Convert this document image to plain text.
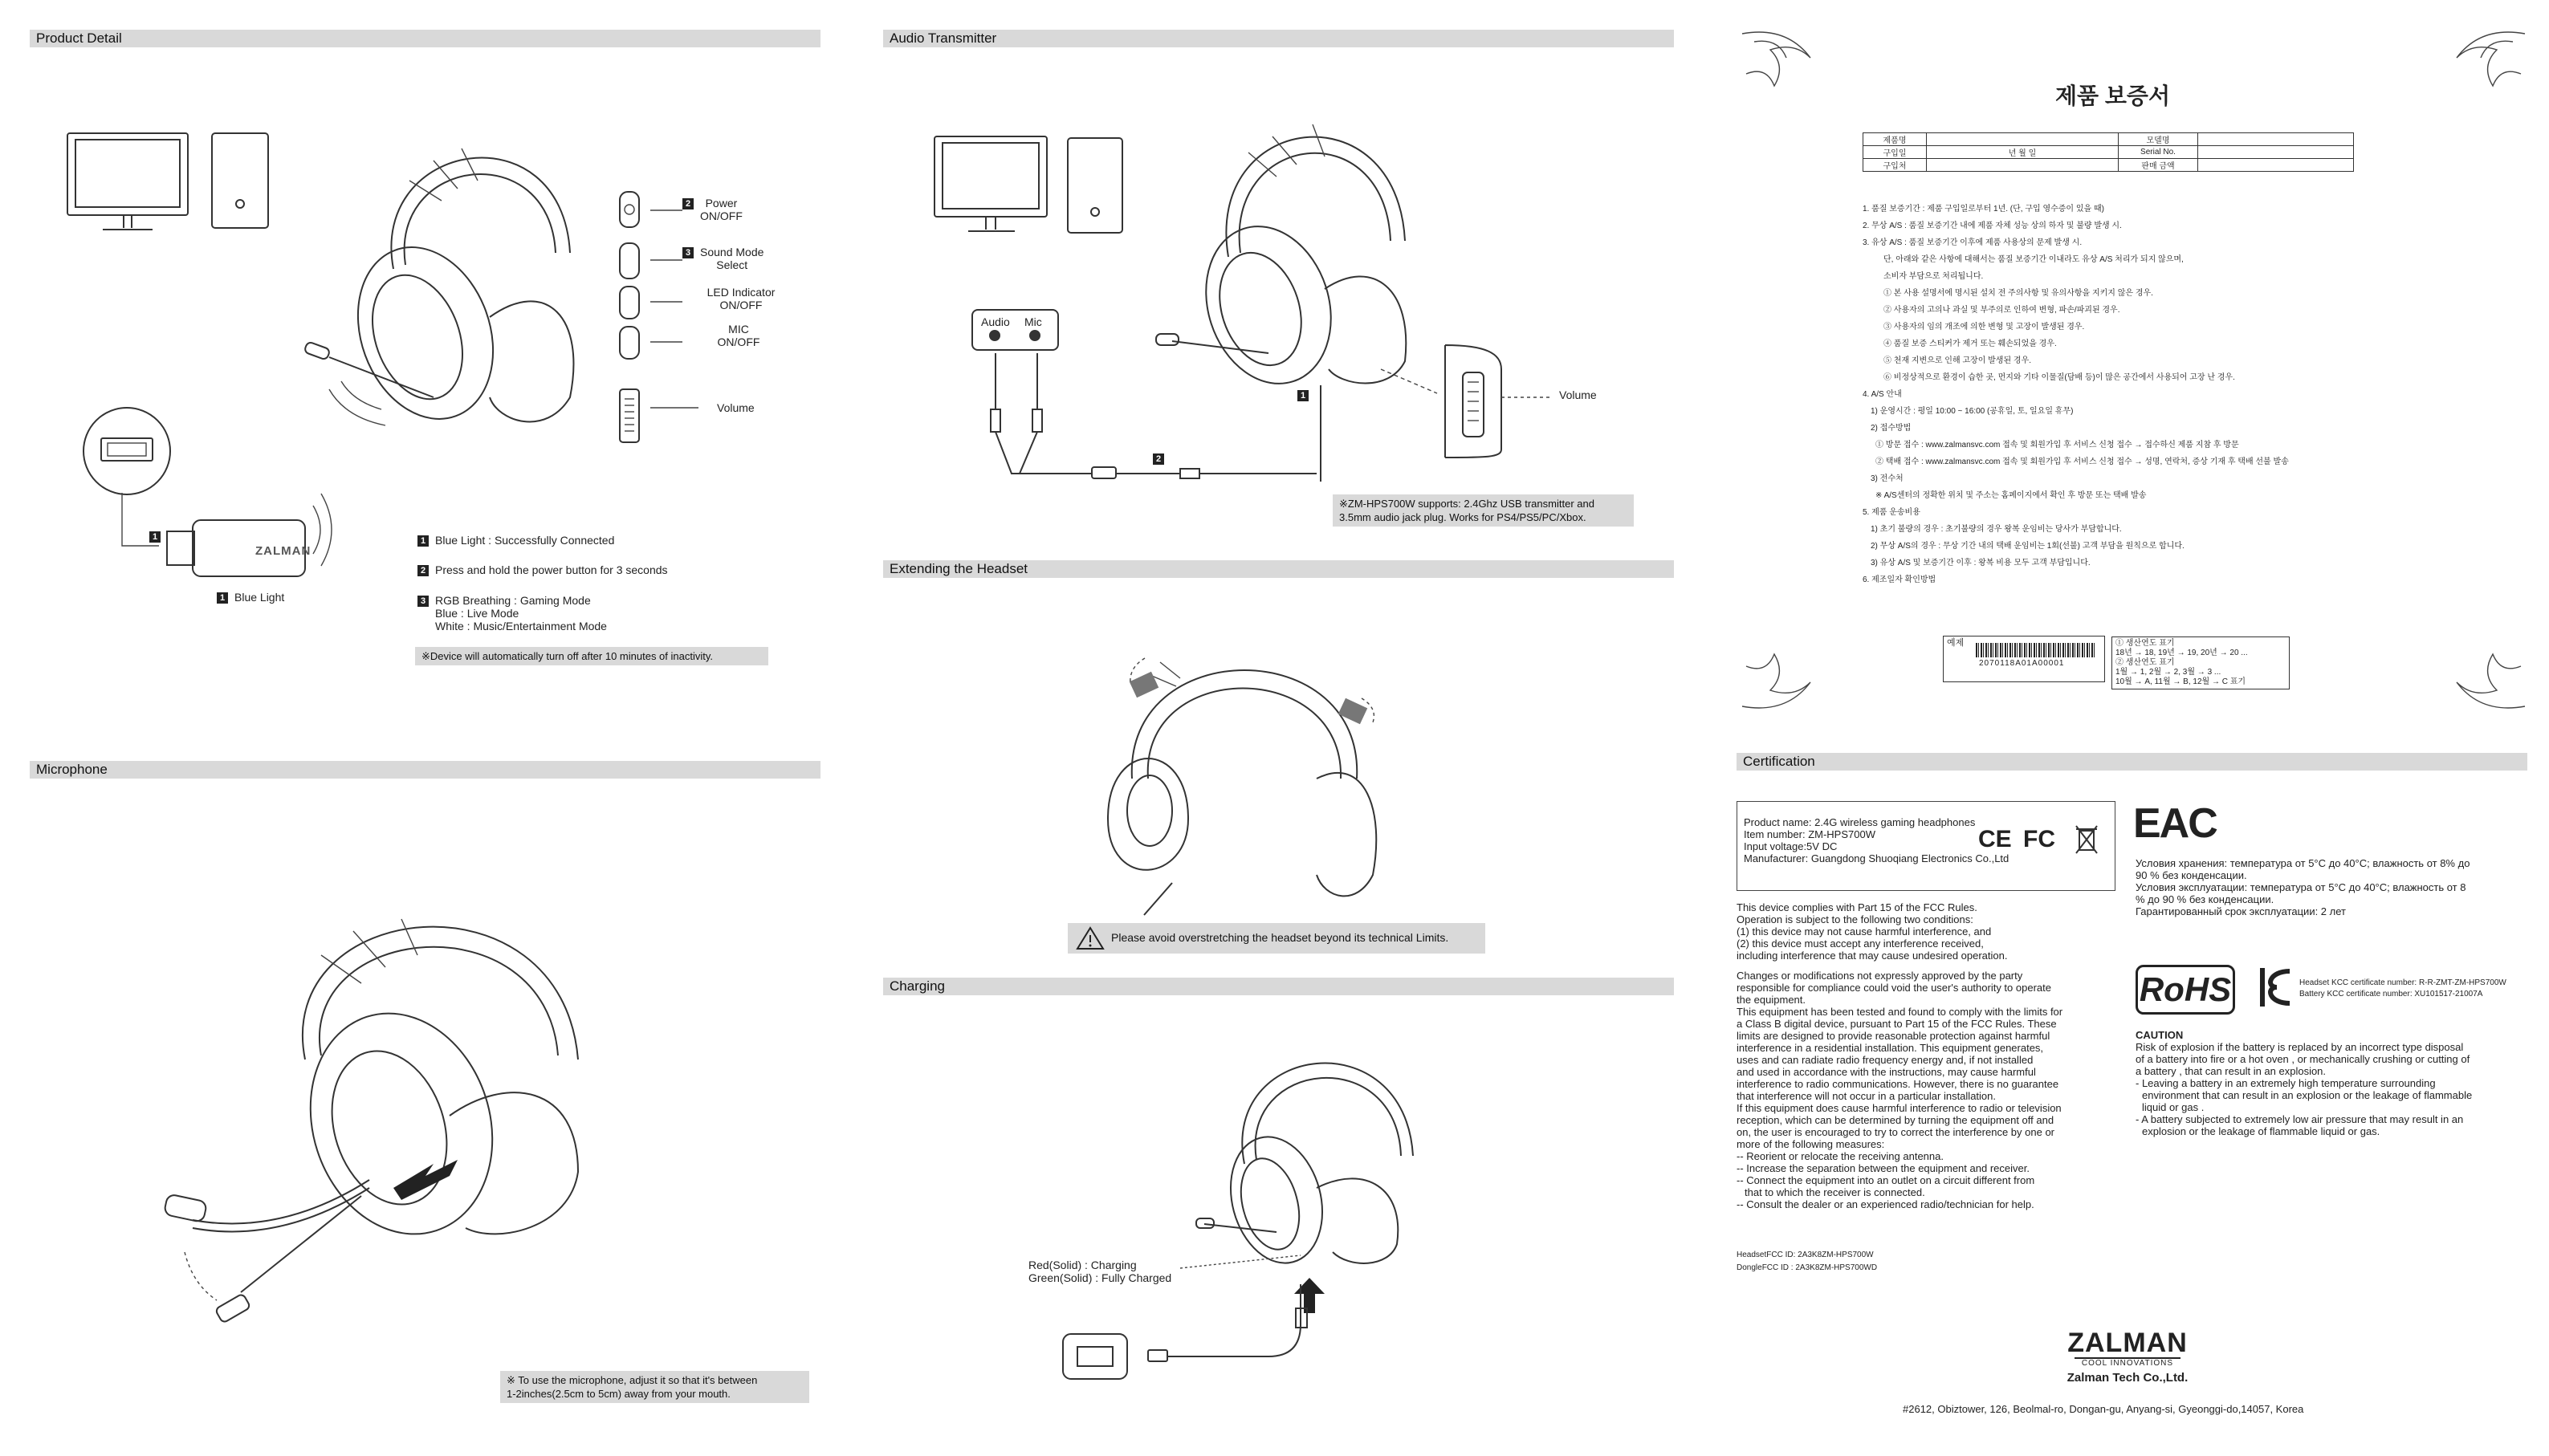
Product Detail
Microphone
Audio Transmitter
Extending the Headset
Charging
Certification
2 Power
ON/OFF
3 Sound Mode
Select
LED Indicator
ON/OFF
MIC
ON/OFF
Volume
ZALMAN
1
1 Blue Light
1 Blue Light : Successfully Connected
2 Press and hold the power button for 3 seconds
3 RGB Breathing : Gaming Mode
Blue : Live Mode
White : Music/Entertainment Mode
※Device will automatically turn off after 10 minutes of inactivity.
※ To use the microphone, adjust it so that it's between
1-2inches(2.5cm to 5cm) away from your mouth.
Audio Mic
1
2
Volume
※ZM-HPS700W supports: 2.4Ghz USB transmitter and
3.5mm audio jack plug. Works for PS4/PS5/PC/Xbox.
Please avoid overstretching the headset beyond its technical Limits.
Red(Solid) : Charging
Green(Solid) : Fully Charged
제품 보증서
제품명		모델명	
구입일	년 월 일	Serial No.	
구입처		판매 금액	
1. 품질 보증기간 : 제품 구입일로부터 1년. (단, 구입 영수증이 있을 때)
2. 무상 A/S : 품질 보증기간 내에 제품 자체 성능 상의 하자 및 불량 발생 시.
3. 유상 A/S : 품질 보증기간 이후에 제품 사용상의 문제 발생 시.
단, 아래와 같은 사항에 대해서는 품질 보증기간 이내라도 유상 A/S 처리가 되지 않으며,
소비자 부담으로 처리됩니다.
① 본 사용 설명서에 명시된 설치 전 주의사항 및 유의사항을 지키지 않은 경우.
② 사용자의 고의나 과실 및 부주의로 인하여 변형, 파손/파괴된 경우.
③ 사용자의 임의 개조에 의한 변형 및 고장이 발생된 경우.
④ 품질 보증 스티커가 제거 또는 훼손되었을 경우.
⑤ 천재 지변으로 인해 고장이 발생된 경우.
⑥ 비정상적으로 환경이 습한 곳, 먼지와 기타 이물질(담배 등)이 많은 공간에서 사용되어 고장 난 경우.
4. A/S 안내
1) 운영시간 : 평일 10:00 ~ 16:00 (공휴일, 토, 일요일 휴무)
2) 접수방법
① 방문 접수 : www.zalmansvc.com 접속 및 회원가입 후 서비스 신청 접수 → 접수하신 제품 지참 후 방문
② 택배 접수 : www.zalmansvc.com 접속 및 회원가입 후 서비스 신청 접수 → 성명, 연락처, 증상 기재 후 택배 선불 발송
3) 전수처
※ A/S센터의 정확한 위치 및 주소는 홈페이지에서 확인 후 방문 또는 택배 발송
5. 제품 운송비용
1) 초기 불량의 경우 : 초기불량의 경우 왕복 운임비는 당사가 부담합니다.
2) 무상 A/S의 경우 : 무상 기간 내의 택배 운임비는 1회(선불) 고객 부담을 원칙으로 합니다.
3) 유상 A/S 및 보증기간 이후 : 왕복 비용 모두 고객 부담입니다.
6. 제조일자 확인방법
예제
2070118A01A00001
① 생산연도 표기
18년 → 18, 19년 → 19, 20년 → 20 ...
② 생산연도 표기
1월 → 1, 2월 → 2, 3월 → 3 ...
10월 → A, 11월 → B, 12월 → C 표기
Product name: 2.4G wireless gaming headphones
Item number: ZM-HPS700W
Input voltage:5V DC
Manufacturer: Guangdong Shuoqiang Electronics Co.,Ltd
CE FC
This device complies with Part 15 of the FCC Rules.
Operation is subject to the following two conditions:
(1) this device may not cause harmful interference, and
(2) this device must accept any interference received,
including interference that may cause undesired operation.
Changes or modifications not expressly approved by the party
responsible for compliance could void the user's authority to operate
the equipment.
This equipment has been tested and found to comply with the limits for
a Class B digital device, pursuant to Part 15 of the FCC Rules. These
limits are designed to provide reasonable protection against harmful
interference in a residential installation. This equipment generates,
uses and can radiate radio frequency energy and, if not installed
and used in accordance with the instructions, may cause harmful
interference to radio communications. However, there is no guarantee
that interference will not occur in a particular installation.
If this equipment does cause harmful interference to radio or television
reception, which can be determined by turning the equipment off and
on, the user is encouraged to try to correct the interference by one or
more of the following measures:
-- Reorient or relocate the receiving antenna.
-- Increase the separation between the equipment and receiver.
-- Connect the equipment into an outlet on a circuit different from
that to which the receiver is connected.
-- Consult the dealer or an experienced radio/technician for help.
HeadsetFCC ID: 2A3K8ZM-HPS700W
DongleFCC ID : 2A3K8ZM-HPS700WD
EAC
Условия хранения: температура от 5°C до 40°C; влажность от 8% до
90 % без конденсации.
Условия эксплуатации: температура от 5°C до 40°C; влажность от 8
% до 90 % без конденсации.
Гарантированный срок эксплуатации: 2 лет
RoHS	Headset KCC certificate number: R-R-ZMT-ZM-HPS700W
Battery KCC certificate number: XU101517-21007A
CAUTION
Risk of explosion if the battery is replaced by an incorrect type disposal
of a battery into fire or a hot oven , or mechanically crushing or cutting of
a battery , that can result in an explosion.
- Leaving a battery in an extremely high temperature surrounding
environment that can result in an explosion or the leakage of flammable
liquid or gas .
- A battery subjected to extremely low air pressure that may result in an
explosion or the leakage of flammable liquid or gas.
ZALMAN
COOL INNOVATIONS
Zalman Tech Co.,Ltd.
#2612, Obiztower, 126, Beolmal-ro, Dongan-gu, Anyang-si, Gyeonggi-do,14057, Korea
